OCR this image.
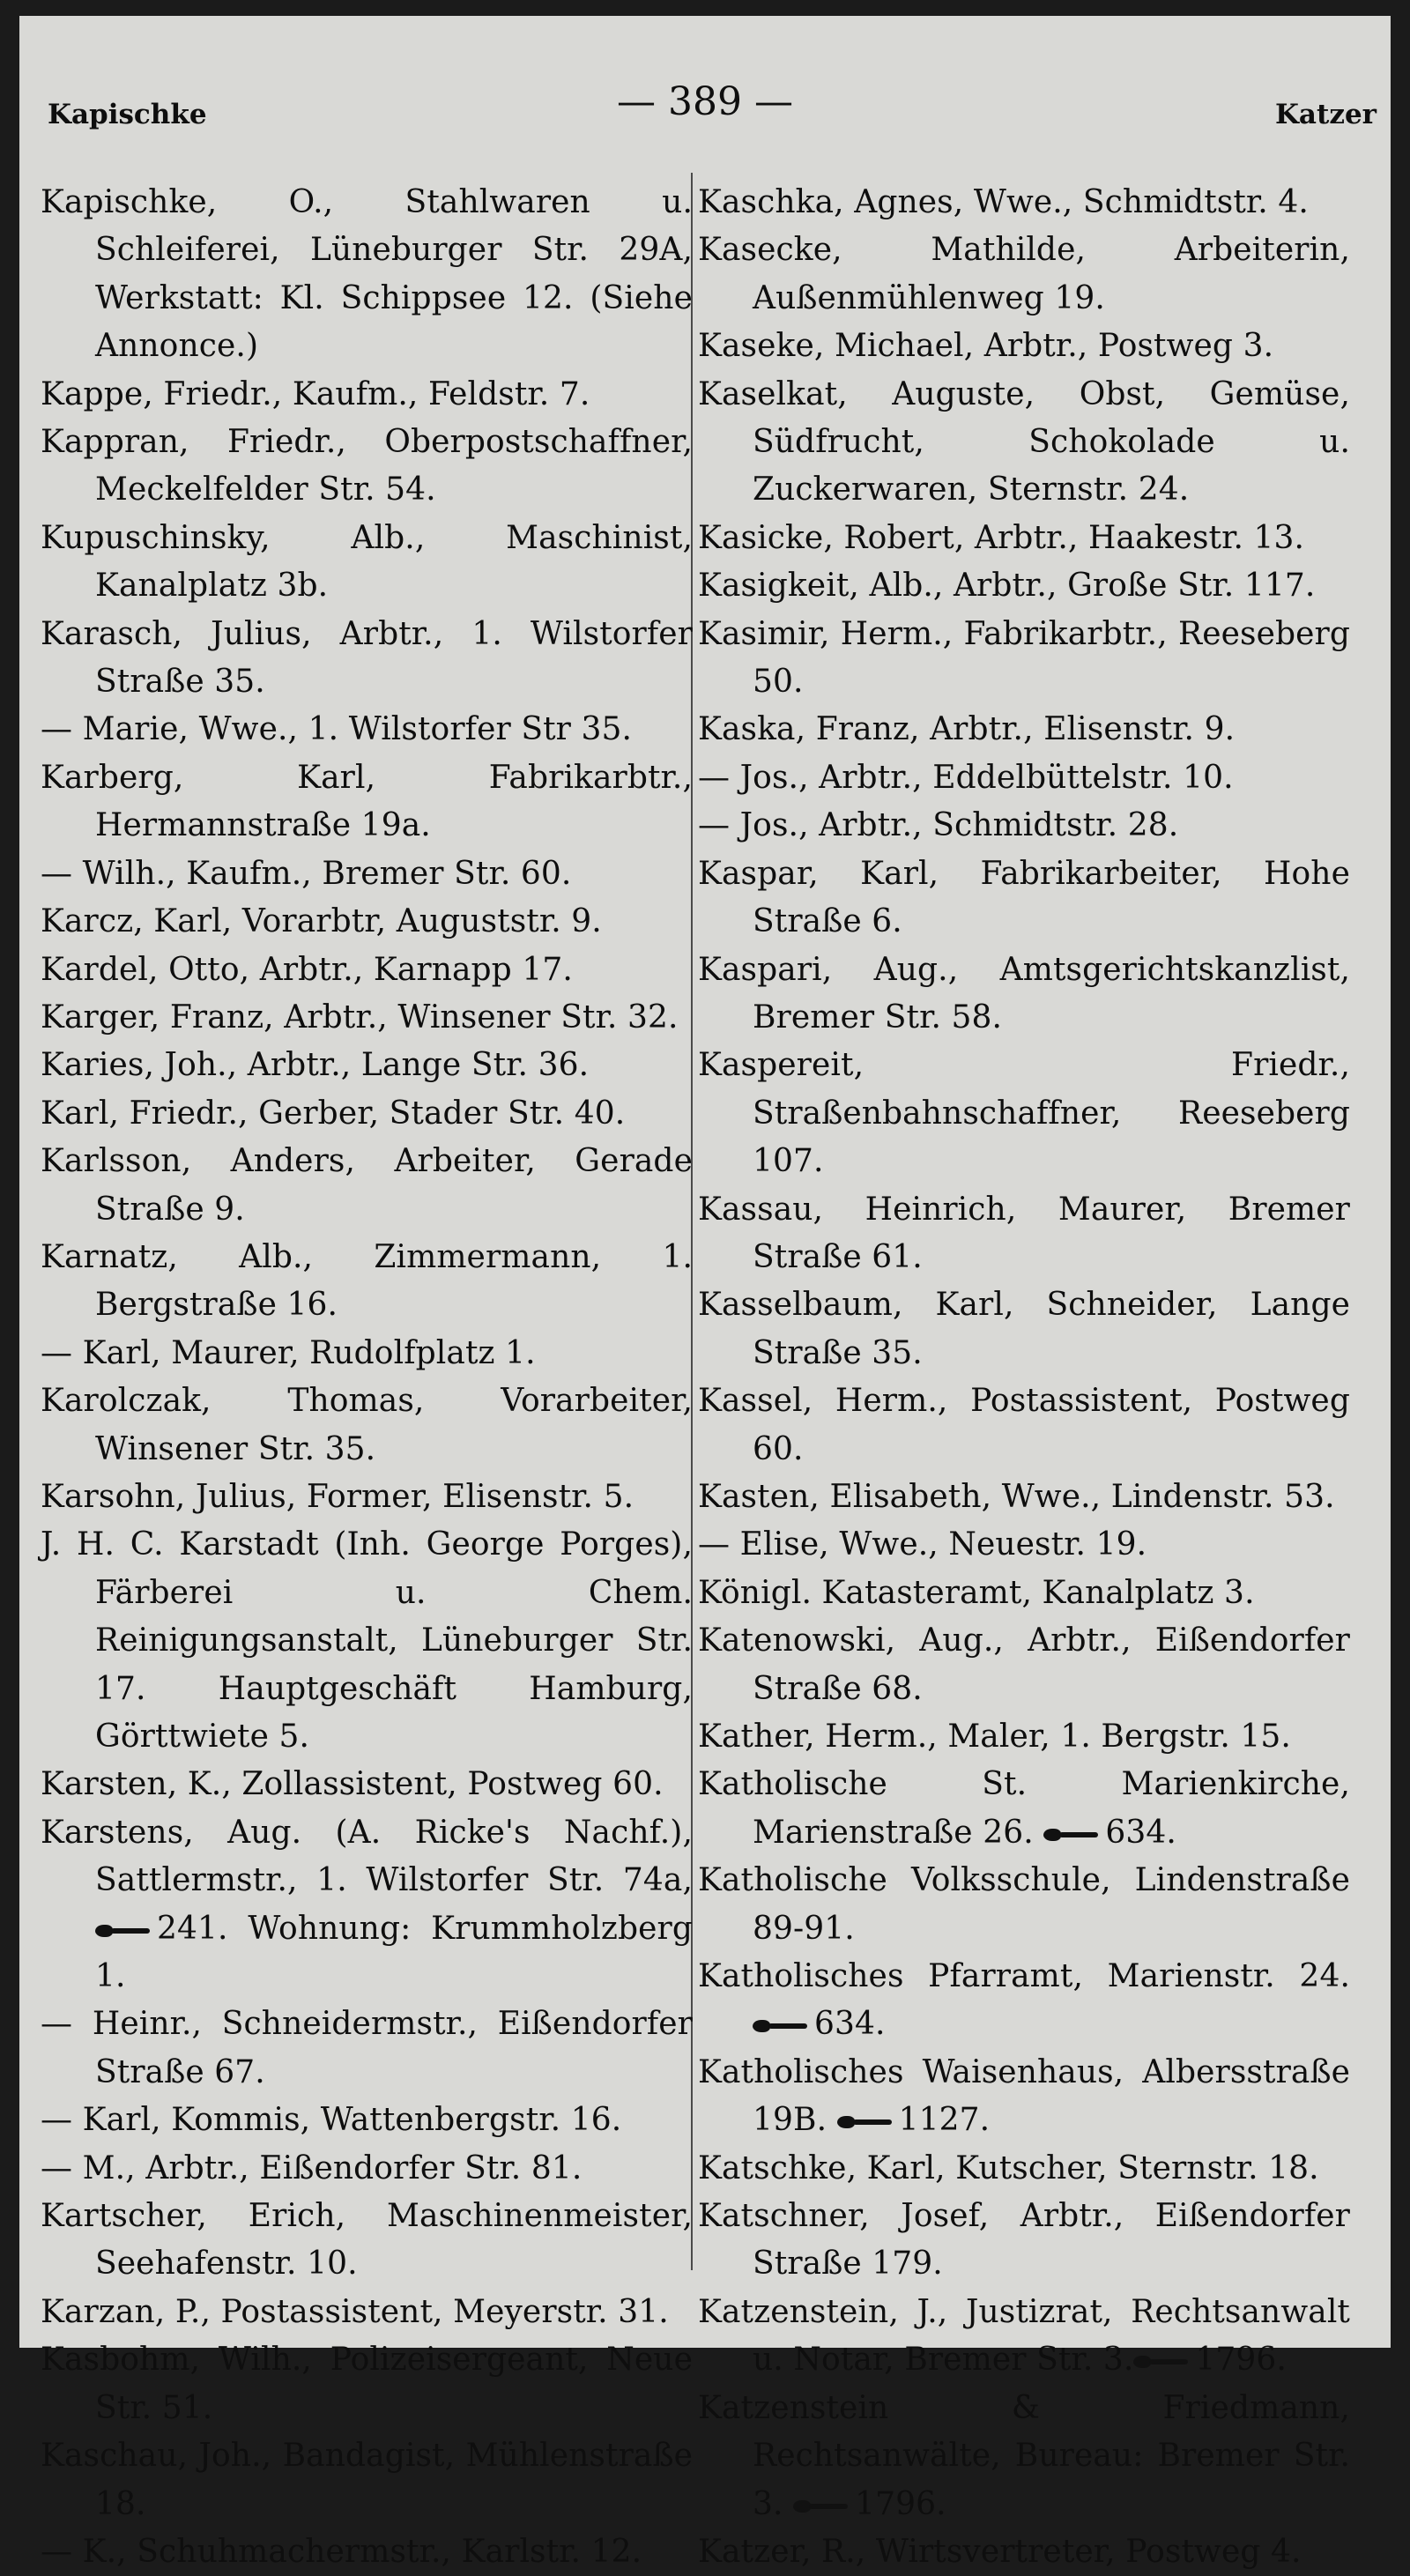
Kapischke	— 389 —	Katzer
Kapischke, O., Stahlwaren u. Schleiferei, Lüneburger Str. 29A, Werkstatt: Kl. Schippsee 12. (Siehe Annonce.)
Kappe, Friedr., Kaufm., Feldstr. 7.
Kappran, Friedr., Oberpostschaffner, Meckelfelder Str. 54.
Kupuschinsky, Alb., Maschinist, Kanalplatz 3b.
Karasch, Julius, Arbtr., 1. Wilstorfer Straße 35.
— Marie, Wwe., 1. Wilstorfer Str 35.
Karberg, Karl, Fabrikarbtr., Hermannstraße 19a.
— Wilh., Kaufm., Bremer Str. 60.
Karcz, Karl, Vorarbtr, Auguststr. 9.
Kardel, Otto, Arbtr., Karnapp 17.
Karger, Franz, Arbtr., Winsener Str. 32.
Karies, Joh., Arbtr., Lange Str. 36.
Karl, Friedr., Gerber, Stader Str. 40.
Karlsson, Anders, Arbeiter, Gerade Straße 9.
Karnatz, Alb., Zimmermann, 1. Bergstraße 16.
— Karl, Maurer, Rudolfplatz 1.
Karolczak, Thomas, Vorarbeiter, Winsener Str. 35.
Karsohn, Julius, Former, Elisenstr. 5.
J. H. C. Karstadt (Inh. George Porges), Färberei u. Chem. Reinigungsanstalt, Lüneburger Str. 17. Hauptgeschäft Hamburg, Görttwiete 5.
Karsten, K., Zollassistent, Postweg 60.
Karstens, Aug. (A. Ricke's Nachf.), Sattlermstr., 1. Wilstorfer Str. 74a, 241. Wohnung: Krummholzberg 1.
— Heinr., Schneidermstr., Eißendorfer Straße 67.
— Karl, Kommis, Wattenbergstr. 16.
— M., Arbtr., Eißendorfer Str. 81.
Kartscher, Erich, Maschinenmeister, Seehafenstr. 10.
Karzan, P., Postassistent, Meyerstr. 31.
Kasbohm, Wilh., Polizeisergeant, Neue Str. 51.
Kaschau, Joh., Bandagist, Mühlenstraße 18.
— K., Schuhmachermstr., Karlstr. 12.
Kaschka, Agnes, Wwe., Schmidtstr. 4.
Kasecke, Mathilde, Arbeiterin, Außenmühlenweg 19.
Kaseke, Michael, Arbtr., Postweg 3.
Kaselkat, Auguste, Obst, Gemüse, Südfrucht, Schokolade u. Zuckerwaren, Sternstr. 24.
Kasicke, Robert, Arbtr., Haakestr. 13.
Kasigkeit, Alb., Arbtr., Große Str. 117.
Kasimir, Herm., Fabrikarbtr., Reeseberg 50.
Kaska, Franz, Arbtr., Elisenstr. 9.
— Jos., Arbtr., Eddelbüttelstr. 10.
— Jos., Arbtr., Schmidtstr. 28.
Kaspar, Karl, Fabrikarbeiter, Hohe Straße 6.
Kaspari, Aug., Amtsgerichtskanzlist, Bremer Str. 58.
Kaspereit, Friedr., Straßenbahnschaffner, Reeseberg 107.
Kassau, Heinrich, Maurer, Bremer Straße 61.
Kasselbaum, Karl, Schneider, Lange Straße 35.
Kassel, Herm., Postassistent, Postweg 60.
Kasten, Elisabeth, Wwe., Lindenstr. 53.
— Elise, Wwe., Neuestr. 19.
Königl. Katasteramt, Kanalplatz 3.
Katenowski, Aug., Arbtr., Eißendorfer Straße 68.
Kather, Herm., Maler, 1. Bergstr. 15.
Katholische St. Marienkirche, Marienstraße 26. 634.
Katholische Volksschule, Lindenstraße 89-91.
Katholisches Pfarramt, Marienstr. 24. 634.
Katholisches Waisenhaus, Albersstraße 19B. 1127.
Katschke, Karl, Kutscher, Sternstr. 18.
Katschner, Josef, Arbtr., Eißendorfer Straße 179.
Katzenstein, J., Justizrat, Rechtsanwalt u. Notar, Bremer Str. 3. 1796.
Katzenstein & Friedmann, Rechtsanwälte, Bureau: Bremer Str. 3. 1796.
Katzer, R., Wirtsvertreter, Postweg 4.
